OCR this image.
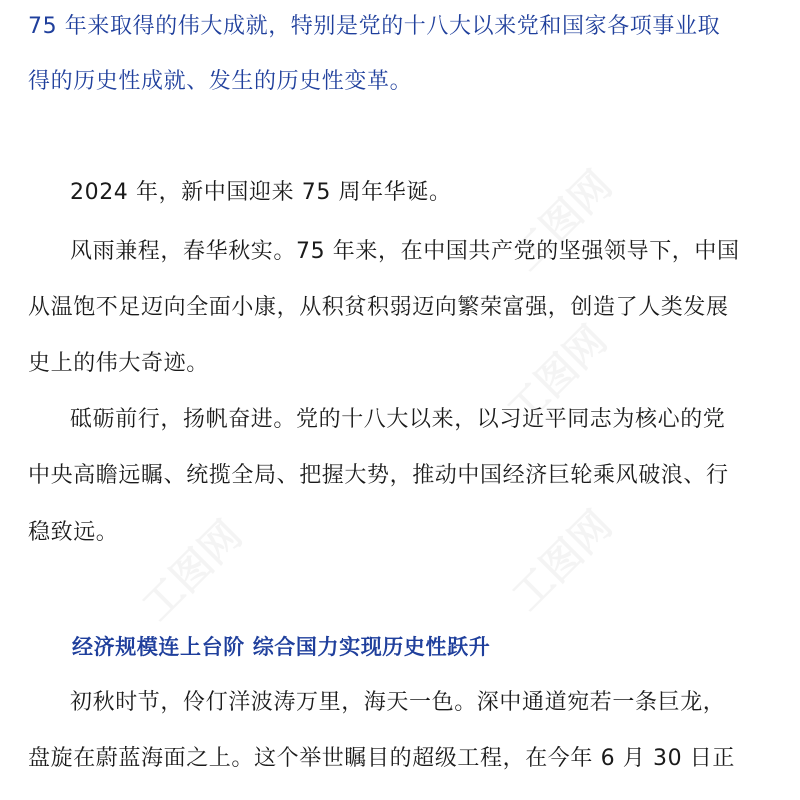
75 年来取得的伟大成就，特别是党的十八大以来党和国家各项事业取
得的历史性成就、发生的历史性变革。
2024 年，新中国迎来 75 周年华诞。
风雨兼程，春华秋实。75 年来，在中国共产党的坚强领导下，中国
从温饱不足迈向全面小康，从积贫积弱迈向繁荣富强，创造了人类发展
史上的伟大奇迹。
砥砺前行，扬帆奋进。党的十八大以来，以习近平同志为核心的党
中央高瞻远瞩、统揽全局、把握大势，推动中国经济巨轮乘风破浪、行
稳致远。
经济规模连上台阶 综合国力实现历史性跃升
初秋时节，伶仃洋波涛万里，海天一色。深中通道宛若一条巨龙，
盘旋在蔚蓝海面之上。这个举世瞩目的超级工程，在今年 6 月 30 日正
